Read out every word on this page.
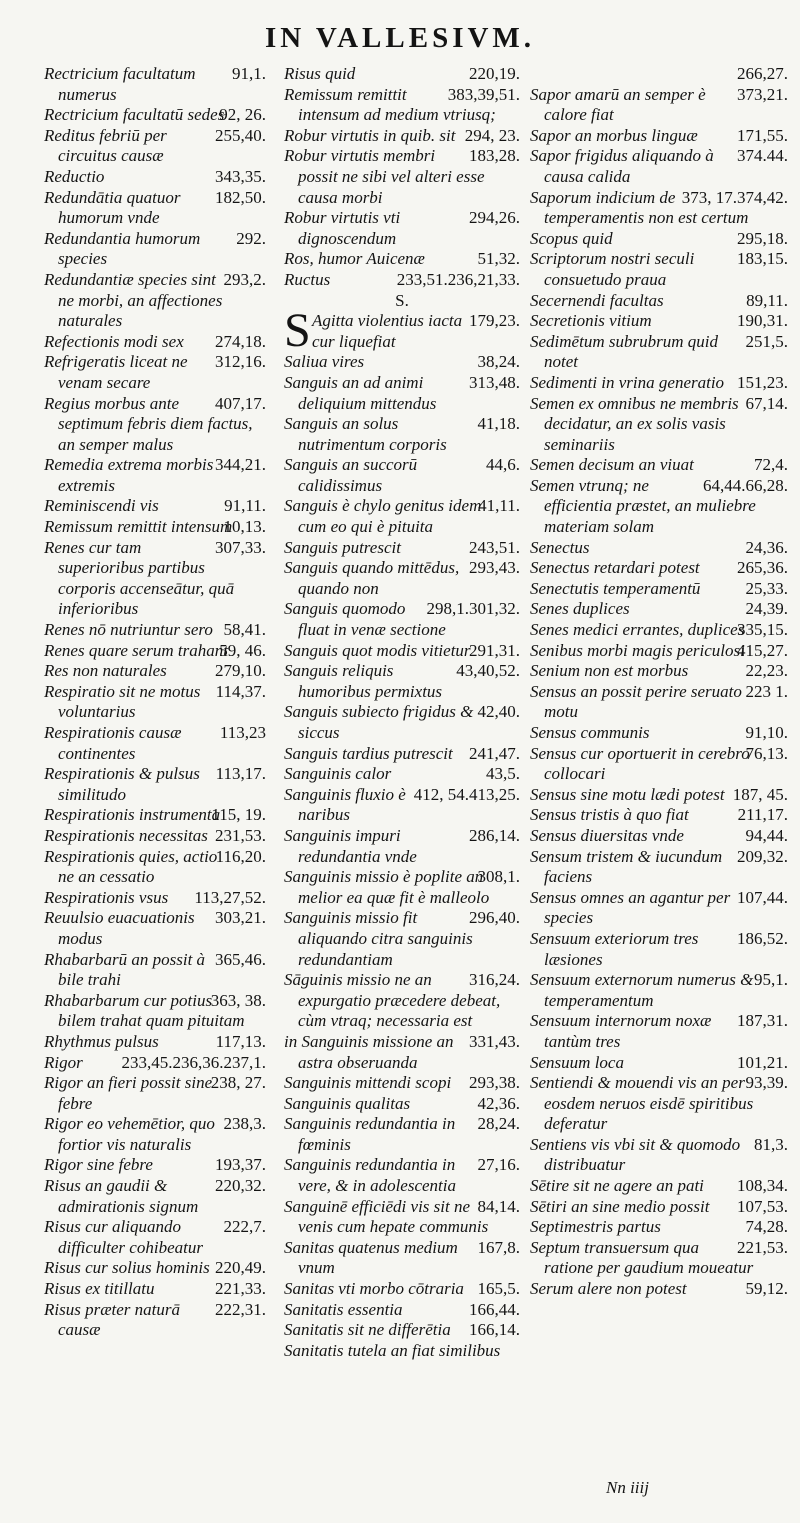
IN VALLESIVM.

91,1.
Rectricium facultatum numerus

92, 26.
Rectricium facultatū sedes

255,40.
Reditus febriū per circuitus causæ

343,35.
Reductio

182,50.
Redundātia quatuor humorum vnde

292.
Redundantia humorum species

293,2.
Redundantiæ species sint ne morbi, an affectiones naturales

274,18.
Refectionis modi sex

312,16.
Refrigeratis liceat ne venam secare

407,17.
Regius morbus ante septimum febris diem factus, an semper malus

344,21.
Remedia extrema morbis extremis

91,11.
Reminiscendi vis

10,13.
Remissum remittit intensum

307,33.
Renes cur tam superioribus partibus corporis accenseātur, quā inferioribus

58,41.
Renes nō nutriuntur sero

59, 46.
Renes quare serum trahant

279,10.
Res non naturales

114,37.
Respiratio sit ne motus voluntarius

113,23
Respirationis causæ continentes

113,17.
Respirationis & pulsus similitudo

115, 19.
Respirationis instrumenta

231,53.
Respirationis necessitas

116,20.
Respirationis quies, actio ne an cessatio

113,27,52.
Respirationis vsus

303,21.
Reuulsio euacuationis modus

365,46.
Rhabarbarū an possit à bile trahi

363, 38.
Rhabarbarum cur potius bilem trahat quam pituitam

117,13.
Rhythmus pulsus

233,45.236,36.237,1.
Rigor

238, 27.
Rigor an fieri possit sine febre

238,3.
Rigor eo vehemētior, quo fortior vis naturalis

193,37.
Rigor sine febre

220,32.
Risus an gaudii & admirationis signum

222,7.
Risus cur aliquando difficulter cohibeatur

220,49.
Risus cur solius hominis

221,33.
Risus ex titillatu

222,31.
Risus præter naturā causæ

220,19.
Risus quid

383,39,51.
Remissum remittit intensum ad medium vtriusq;

294, 23.
Robur virtutis in quib. sit

183,28.
Robur virtutis membri possit ne sibi vel alteri esse causa morbi

294,26.
Robur virtutis vti dignoscendum

51,32.
Ros, humor Auicenæ

233,51.236,21,33.
Ructus

S.

S	179,23.
Agitta violentius iacta cur liquefiat

38,24.
Saliua vires

313,48.
Sanguis an ad animi deliquium mittendus

41,18.
Sanguis an solus nutrimentum corporis

44,6.
Sanguis an succorū calidissimus

41,11.
Sanguis è chylo genitus idem cum eo qui è pituita

243,51.
Sanguis putrescit

293,43.
Sanguis quando mittēdus, quando non

298,1.301,32.
Sanguis quomodo fluat in venæ sectione

291,31.
Sanguis quot modis vitietur

43,40,52.
Sanguis reliquis humoribus permixtus

42,40.
Sanguis subiecto frigidus & siccus

241,47.
Sanguis tardius putrescit

43,5.
Sanguinis calor

412, 54.413,25.
Sanguinis fluxio è naribus

286,14.
Sanguinis impuri redundantia vnde

308,1.
Sanguinis missio è poplite an melior ea quæ fit è malleolo

296,40.
Sanguinis missio fit aliquando citra sanguinis redundantiam

316,24.
Sāguinis missio ne an expurgatio præcedere debeat, cùm vtraq; necessaria est

331,43.
in Sanguinis missione an astra obseruanda

293,38.
Sanguinis mittendi scopi

42,36.
Sanguinis qualitas

28,24.
Sanguinis redundantia in fœminis

27,16.
Sanguinis redundantia in vere, & in adolescentia

84,14.
Sanguinē efficiēdi vis sit ne venis cum hepate communis

167,8.
Sanitas quatenus medium vnum

165,5.
Sanitas vti morbo cōtraria

166,44.
Sanitatis essentia

166,14.
Sanitatis sit ne differētia

Sanitatis tutela an fiat similibus

266,27.

373,21.
Sapor amarū an semper è calore fiat

171,55.
Sapor an morbus linguæ

374.44.
Sapor frigidus aliquando à causa calida

373, 17.374,42.
Saporum indicium de temperamentis non est certum

295,18.
Scopus quid

183,15.
Scriptorum nostri seculi consuetudo praua

89,11.
Secernendi facultas

190,31.
Secretionis vitium

251,5.
Sedimētum subrubrum quid notet

151,23.
Sedimenti in vrina generatio

67,14.
Semen ex omnibus ne membris decidatur, an ex solis vasis seminariis

72,4.
Semen decisum an viuat

64,44.66,28.
Semen vtrunq; ne efficientia præstet, an muliebre materiam solam

24,36.
Senectus

265,36.
Senectus retardari potest

25,33.
Senectutis temperamentū

24,39.
Senes duplices

335,15.
Senes medici errantes, duplices

415,27.
Senibus morbi magis periculosi

22,23.
Senium non est morbus

223 1.
Sensus an possit perire seruato motu

91,10.
Sensus communis

76,13.
Sensus cur oportuerit in cerebro collocari

187, 45.
Sensus sine motu lædi potest

211,17.
Sensus tristis à quo fiat

94,44.
Sensus diuersitas vnde

209,32.
Sensum tristem & iucundum faciens

107,44.
Sensus omnes an agantur per species

186,52.
Sensuum exteriorum tres læsiones

95,1.
Sensuum externorum numerus & temperamentum

187,31.
Sensuum internorum noxæ tantùm tres

101,21.
Sensuum loca

93,39.
Sentiendi & mouendi vis an per eosdem neruos eisdē spiritibus deferatur

81,3.
Sentiens vis vbi sit & quomodo distribuatur

108,34.
Sētire sit ne agere an pati

107,53.
Sētiri an sine medio possit

74,28.
Septimestris partus

221,53.
Septum transuersum qua ratione per gaudium moueatur

59,12.
Serum alere non potest

Nn iiij
